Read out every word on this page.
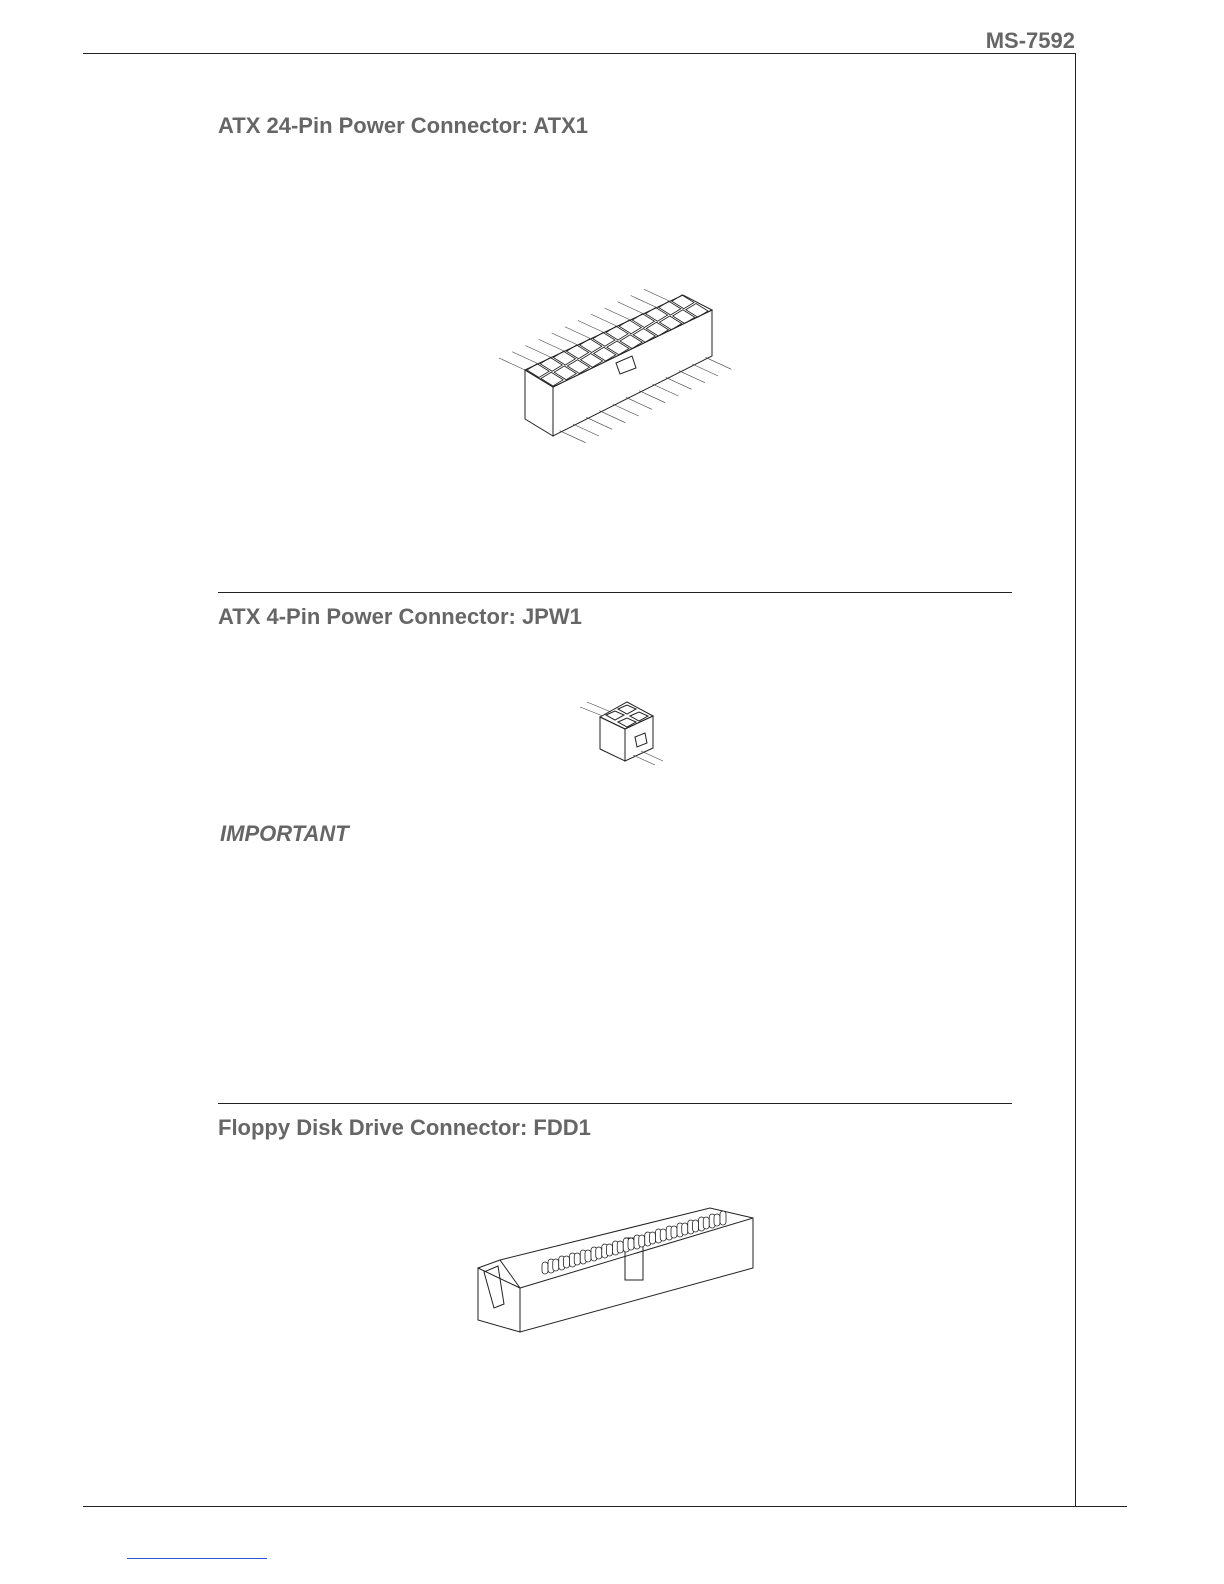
MS-7592
ATX 24-Pin Power Connector: ATX1
ATX 4-Pin Power Connector: JPW1
IMPORTANT
Floppy Disk Drive Connector: FDD1
